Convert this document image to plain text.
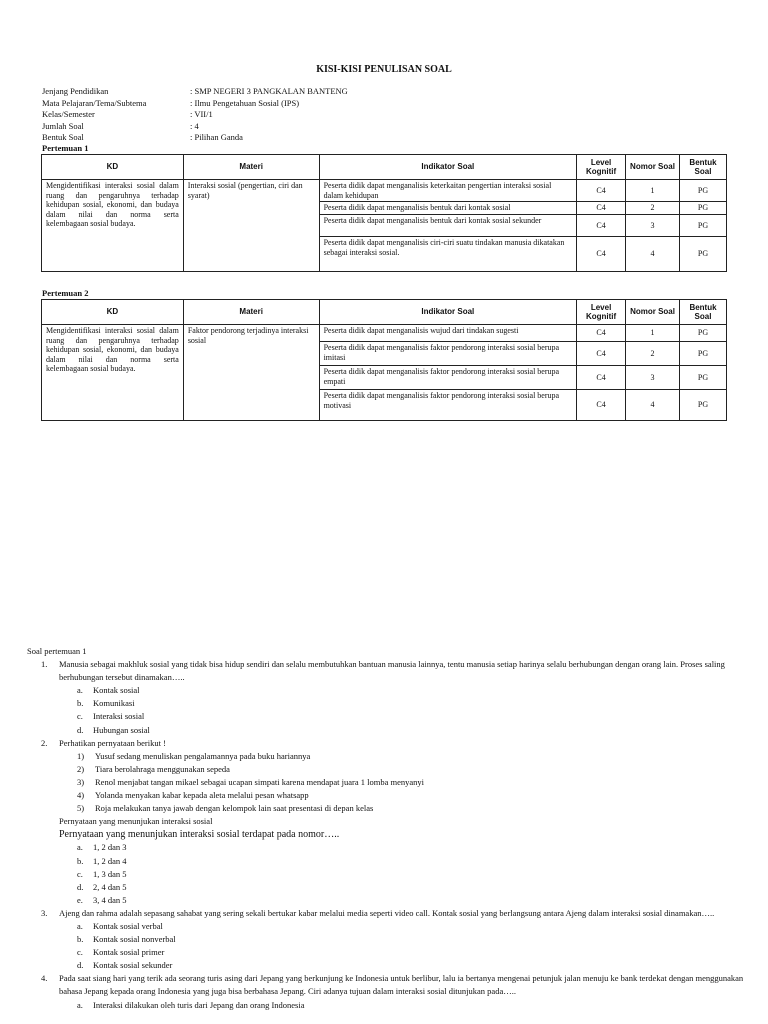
KISI-KISI PENULISAN SOAL
Jenjang Pendidikan	: SMP NEGERI 3 PANGKALAN BANTENG
Mata Pelajaran/Tema/Subtema	: Ilmu Pengetahuan Sosial (IPS)
Kelas/Semester	: VII/1
Jumlah Soal	: 4
Bentuk Soal	: Pilihan Ganda
Pertemuan 1
KD	Materi	Indikator Soal	Level Kognitif	Nomor Soal	Bentuk Soal
Mengidentifikasi interaksi sosial dalam ruang dan pengaruhnya terhadap kehidupan sosial, ekonomi, dan budaya dalam nilai dan norma serta kelembagaan sosial budaya.	Interaksi sosial (pengertian, ciri dan syarat)	Peserta didik dapat menganalisis keterkaitan pengertian interaksi sosial dalam kehidupan	C4	1	PG
		Peserta didik dapat menganalisis bentuk dari kontak sosial	C4	2	PG
		Peserta didik dapat menganalisis bentuk dari kontak sosial sekunder	C4	3	PG
		Peserta didik dapat menganalisis ciri-ciri suatu tindakan manusia dikatakan sebagai interaksi sosial.	C4	4	PG
Pertemuan 2
KD	Materi	Indikator Soal	Level Kognitif	Nomor Soal	Bentuk Soal
Mengidentifikasi interaksi sosial dalam ruang dan pengaruhnya terhadap kehidupan sosial, ekonomi, dan budaya dalam nilai dan norma serta kelembagaan sosial budaya.	Faktor pendorong terjadinya interaksi sosial	Peserta didik dapat menganalisis wujud dari tindakan sugesti	C4	1	PG
		Peserta didik dapat menganalisis faktor pendorong interaksi sosial berupa imitasi	C4	2	PG
		Peserta didik dapat menganalisis faktor pendorong interaksi sosial berupa empati	C4	3	PG
		Peserta didik dapat menganalisis faktor pendorong interaksi sosial berupa motivasi	C4	4	PG
Soal pertemuan 1
1.	Manusia sebagai makhluk sosial yang tidak bisa hidup sendiri dan selalu membutuhkan bantuan manusia lainnya, tentu manusia setiap harinya selalu berhubungan dengan orang lain. Proses saling berhubungan tersebut dinamakan…..
a.	Kontak sosial
b.	Komunikasi
c.	Interaksi sosial
d.	Hubungan sosial
2.	Perhatikan pernyataan berikut !
1)	Yusuf sedang menuliskan pengalamannya pada buku hariannya
2)	Tiara berolahraga menggunakan sepeda
3)	Renol menjabat tangan mikael sebagai ucapan simpati karena mendapat juara 1 lomba menyanyi
4)	Yolanda menyakan kabar kepada aleta melalui pesan whatsapp
5)	Roja melakukan tanya jawab dengan kelompok lain saat presentasi di depan kelas
Pernyataan yang menunjukan interaksi sosial
Pernyataan yang menunjukan interaksi sosial terdapat pada nomor…..
a.	1, 2 dan 3
b.	1, 2 dan 4
c.	1, 3 dan 5
d.	2, 4 dan 5
e.	3, 4 dan 5
3.	Ajeng dan rahma adalah sepasang sahabat yang sering sekali bertukar kabar melalui media seperti video call. Kontak sosial yang berlangsung antara Ajeng dalam interaksi sosial dinamakan…..
a.	Kontak sosial verbal
b.	Kontak sosial nonverbal
c.	Kontak sosial primer
d.	Kontak sosial sekunder
4.	Pada saat siang hari yang terik ada seorang turis asing dari Jepang yang berkunjung ke Indonesia untuk berlibur, lalu ia bertanya mengenai petunjuk jalan menuju ke bank terdekat dengan menggunakan bahasa Jepang kepada orang Indonesia yang juga bisa berbahasa Jepang. Ciri adanya tujuan dalam interaksi sosial ditunjukan pada…..
a.	Interaksi dilakukan oleh turis dari Jepang dan orang Indonesia
